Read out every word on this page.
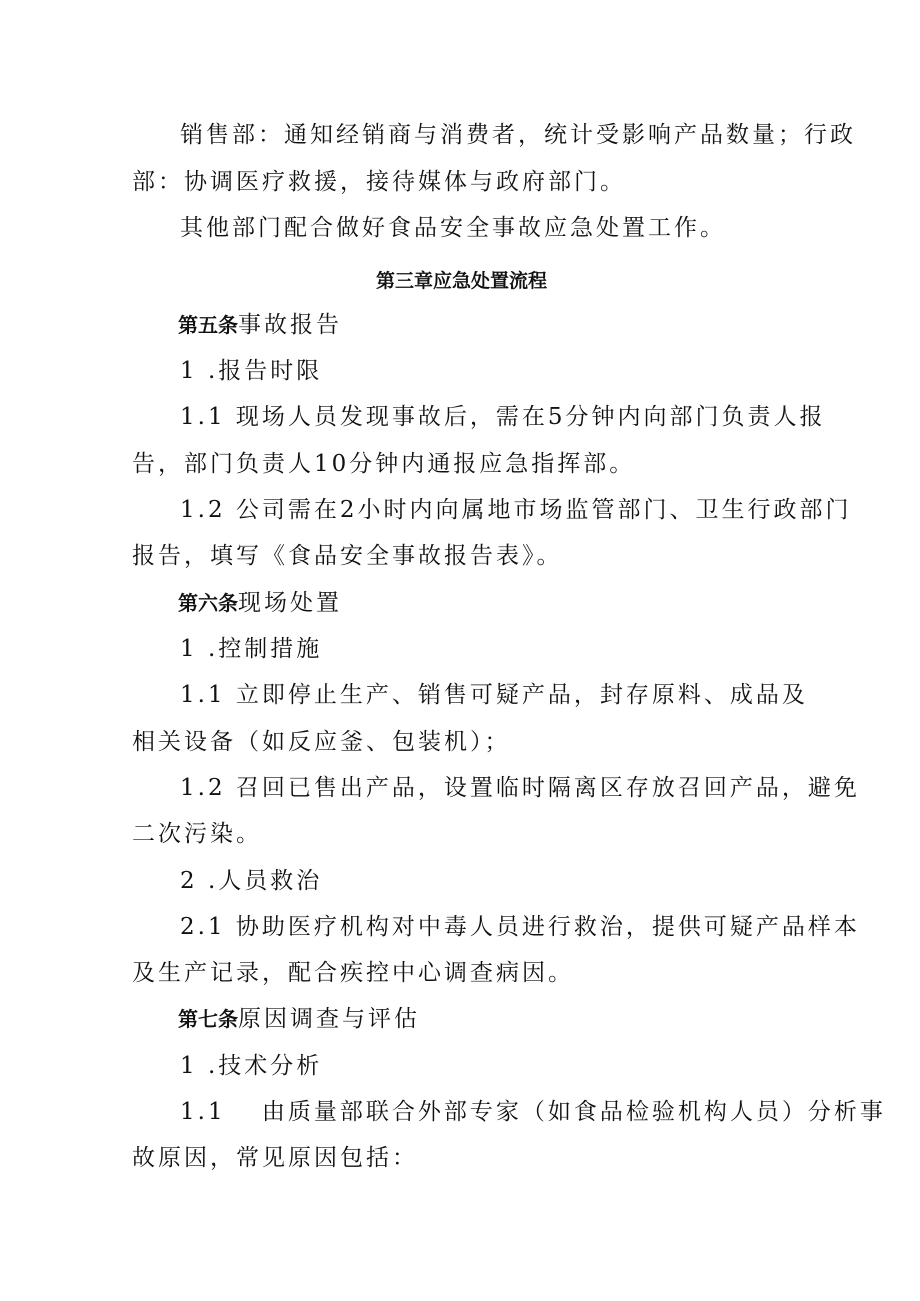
销售部：通知经销商与消费者，统计受影响产品数量；行政
部：协调医疗救援，接待媒体与政府部门。
其他部门配合做好食品安全事故应急处置工作。
第三章应急处置流程
第五条事故报告
1 .报告时限
1.1 现场人员发现事故后，需在5分钟内向部门负责人报
告，部门负责人10分钟内通报应急指挥部。
1.2 公司需在2小时内向属地市场监管部门、卫生行政部门
报告，填写《食品安全事故报告表》。
第六条现场处置
1 .控制措施
1.1 立即停止生产、销售可疑产品，封存原料、成品及
相关设备（如反应釜、包装机）；
1.2 召回已售出产品，设置临时隔离区存放召回产品，避免
二次污染。
2 .人员救治
2.1 协助医疗机构对中毒人员进行救治，提供可疑产品样本
及生产记录，配合疾控中心调查病因。
第七条原因调查与评估
1 .技术分析
1.1　 由质量部联合外部专家（如食品检验机构人员）分析事
故原因，常见原因包括：
